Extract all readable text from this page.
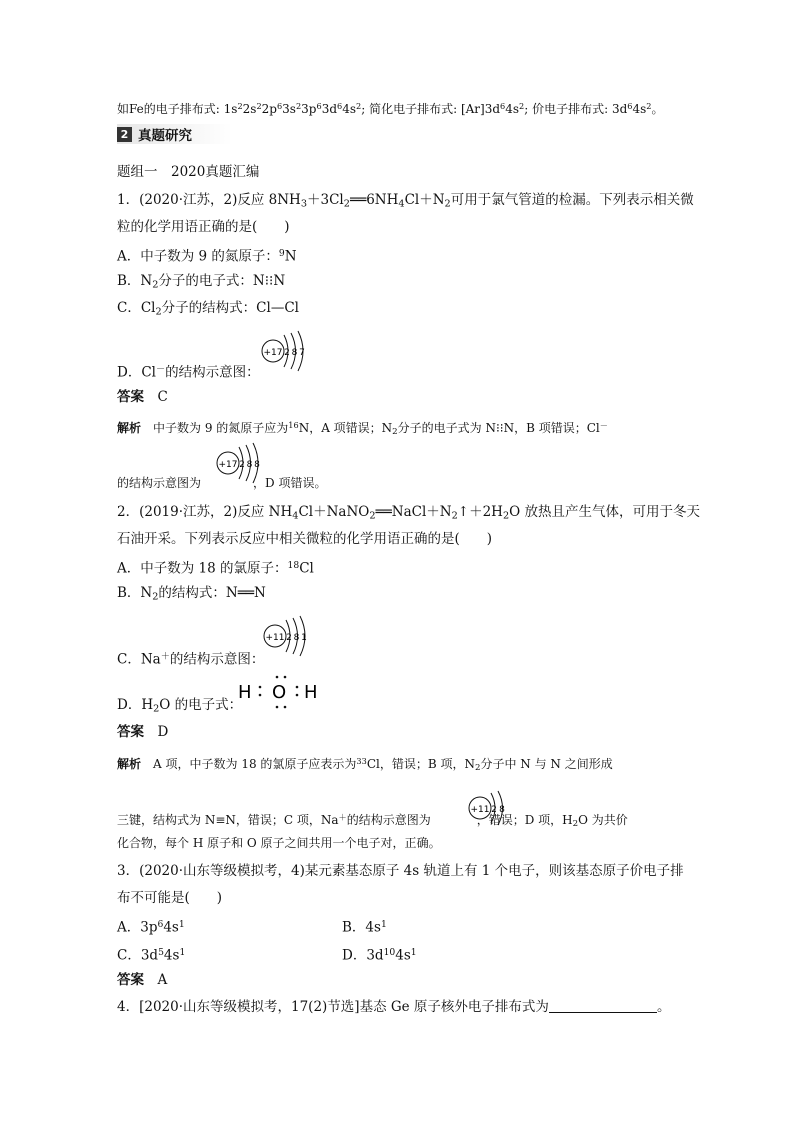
如Fe的电子排布式: $1s^22s^22p^63s^23p^63d^64s^2$; 简化电子排布式: $[Ar]3d^64s^2$; 价电子排布式: $3d^64s^2$。
2 真题研究
题组一　2020真题汇编
1．(2020·江苏，2)反应 $8NH_3+3Cl_2══6NH_4Cl+N_2$可用于氯气管道的检漏。下列表示相关微
粒的化学用语正确的是(　　)
A．中子数为 9 的氮原子：$^9$N
B．$N_2$分子的电子式：N⁝⁝N
C．$Cl_2$分子的结构式：Cl—Cl
D．Cl－的结构示意图：
+17 2 8 7
答案　 C
解析　 中子数为 9 的氮原子应为$^{16}$N，A 项错误；$N_2$分子的电子式为 N⁝⁝N，B 项错误；Cl－
的结构示意图为	，D 项错误。
+17 2 8 8
2．(2019·江苏，2)反应 $NH_4Cl+NaNO_2══NaCl+N_2↑+2H_2O$ 放热且产生气体，可用于冬天
石油开采。下列表示反应中相关微粒的化学用语正确的是(　　)
A．中子数为 18 的氯原子：$^{18}$Cl
B．$N_2$的结构式：N══N
C．Na＋的结构示意图：
+11 2 8 1
D．$H_2O$ 的电子式：
H O H
答案　 D
解析　 A 项，中子数为 18 的氯原子应表示为$^{33}$Cl，错误；B 项，$N_2$分子中 N 与 N 之间形成
三键，结构式为 N≡N，错误；C 项，Na＋的结构示意图为	，错误；D 项，$H_2O$ 为共价
+11 2 8
化合物，每个 H 原子和 O 原子之间共用一个电子对，正确。
3．(2020·山东等级模拟考，4)某元素基态原子 4s 轨道上有 1 个电子，则该基态原子价电子排
布不可能是(　　)
A．$3p^64s^1$	B．$4s^1$
C．$3d^54s^1$	D．$3d^{10}4s^1$
答案　 A
4．[2020·山东等级模拟考，17(2)节选]基态 Ge 原子核外电子排布式为	。
